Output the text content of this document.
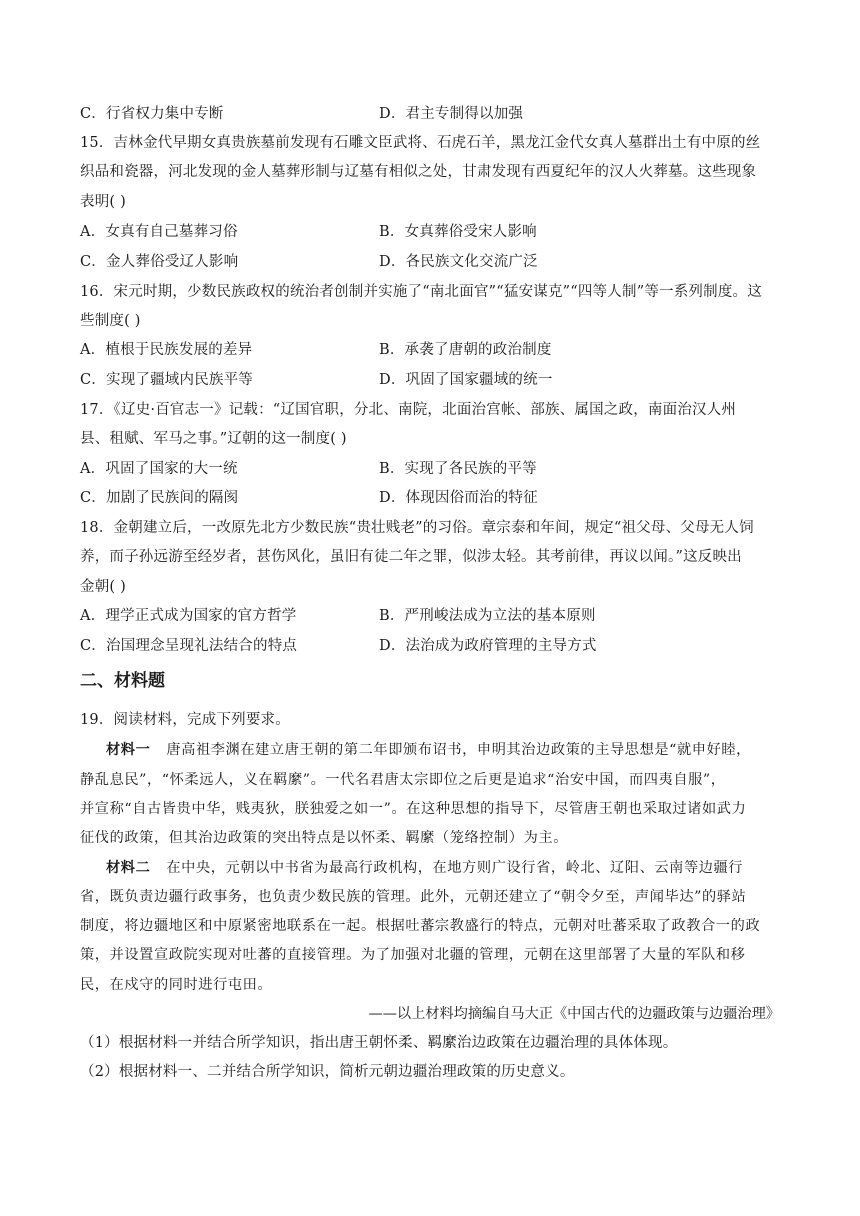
C．行省权力集中专断	D．君主专制得以加强
15．吉林金代早期女真贵族墓前发现有石雕文臣武将、石虎石羊，黑龙江金代女真人墓群出土有中原的丝
织品和瓷器，河北发现的金人墓葬形制与辽墓有相似之处，甘肃发现有西夏纪年的汉人火葬墓。这些现象
表明( )
A．女真有自己墓葬习俗	B．女真葬俗受宋人影响
C．金人葬俗受辽人影响	D．各民族文化交流广泛
16．宋元时期，少数民族政权的统治者创制并实施了“南北面官”“猛安谋克”“四等人制”等一系列制度。这
些制度( )
A．植根于民族发展的差异	B．承袭了唐朝的政治制度
C．实现了疆域内民族平等	D．巩固了国家疆域的统一
17．《辽史·百官志一》记载：“辽国官职，分北、南院，北面治宫帐、部族、属国之政，南面治汉人州
县、租赋、军马之事。”辽朝的这一制度( )
A．巩固了国家的大一统	B．实现了各民族的平等
C．加剧了民族间的隔阂	D．体现因俗而治的特征
18．金朝建立后，一改原先北方少数民族“贵壮贱老”的习俗。章宗泰和年间，规定“祖父母、父母无人饲
养，而子孙远游至经岁者，甚伤风化，虽旧有徒二年之罪，似涉太轻。其考前律，再议以闻。”这反映出
金朝( )
A．理学正式成为国家的官方哲学	B．严刑峻法成为立法的基本原则
C．治国理念呈现礼法结合的特点	D．法治成为政府管理的主导方式
二、材料题
19．阅读材料，完成下列要求。
材料一 唐高祖李渊在建立唐王朝的第二年即颁布诏书，申明其治边政策的主导思想是“就申好睦，
静乱息民”，“怀柔远人，义在羁縻”。一代名君唐太宗即位之后更是追求“治安中国，而四夷自服”，
并宣称“自古皆贵中华，贱夷狄，朕独爱之如一”。在这种思想的指导下，尽管唐王朝也采取过诸如武力
征伐的政策，但其治边政策的突出特点是以怀柔、羁縻（笼络控制）为主。
材料二 在中央，元朝以中书省为最高行政机构，在地方则广设行省，岭北、辽阳、云南等边疆行
省，既负责边疆行政事务，也负责少数民族的管理。此外，元朝还建立了“朝令夕至，声闻毕达”的驿站
制度，将边疆地区和中原紧密地联系在一起。根据吐蕃宗教盛行的特点，元朝对吐蕃采取了政教合一的政
策，并设置宣政院实现对吐蕃的直接管理。为了加强对北疆的管理，元朝在这里部署了大量的军队和移
民，在戍守的同时进行屯田。
——以上材料均摘编自马大正《中国古代的边疆政策与边疆治理》
（1）根据材料一并结合所学知识，指出唐王朝怀柔、羁縻治边政策在边疆治理的具体体现。
（2）根据材料一、二并结合所学知识，简析元朝边疆治理政策的历史意义。
